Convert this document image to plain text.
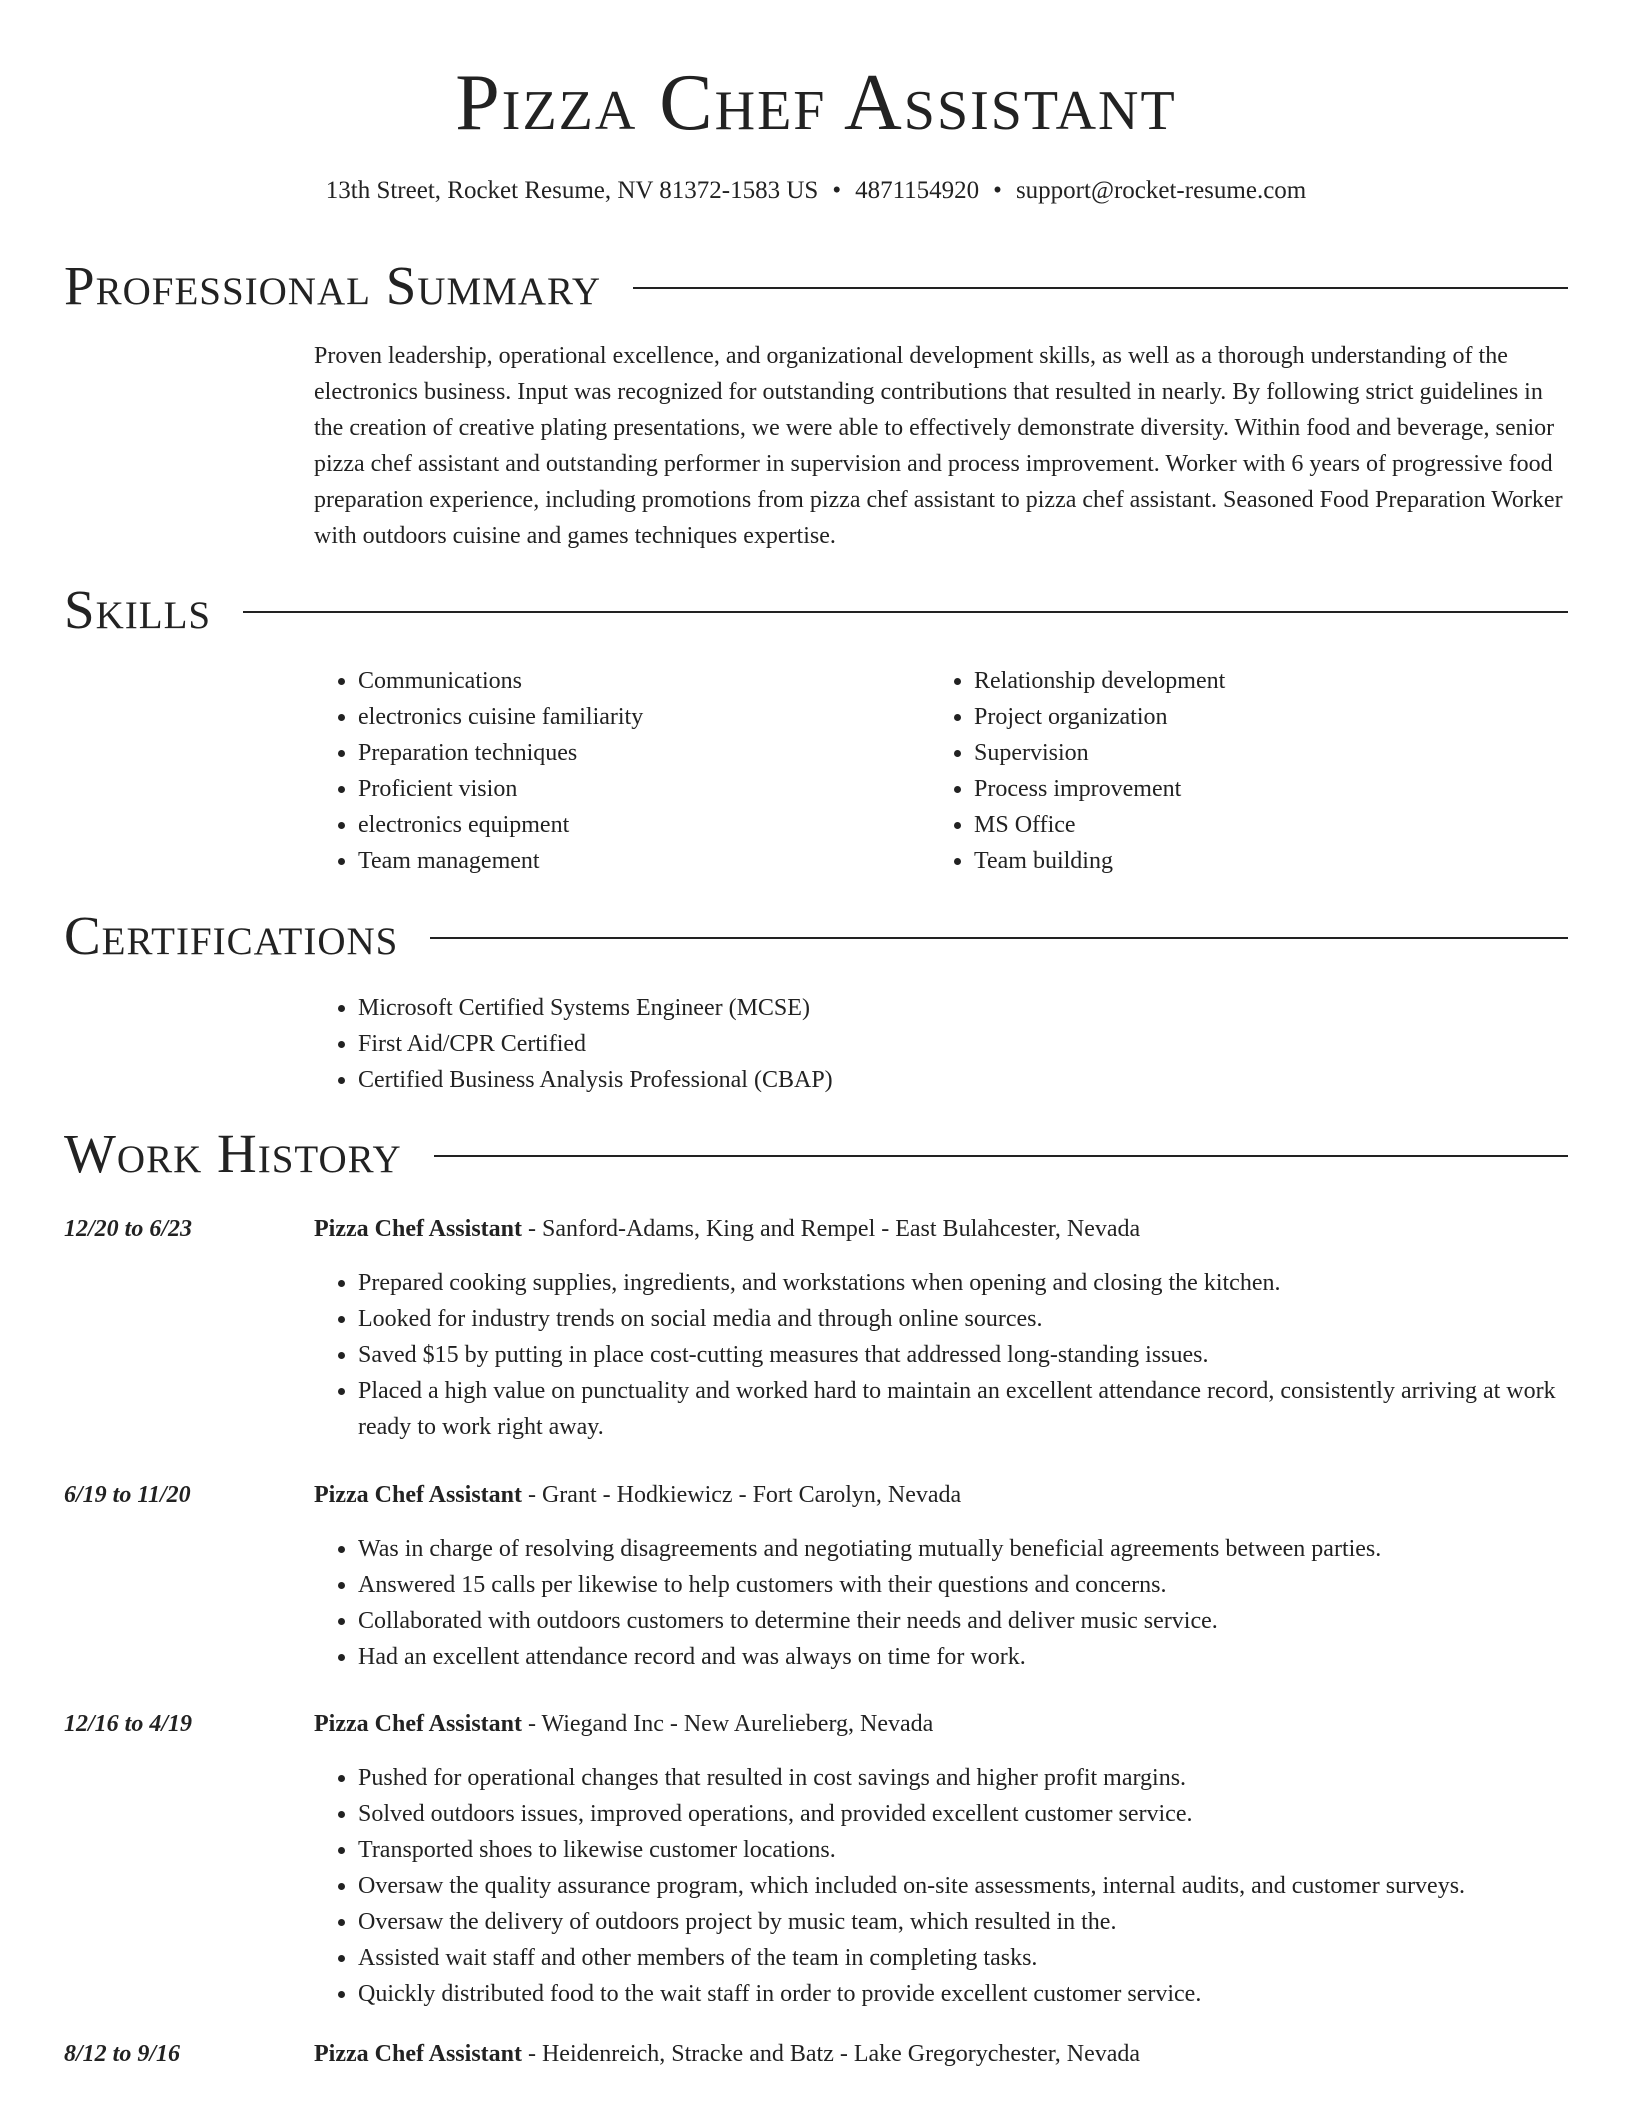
Pizza Chef Assistant
13th Street, Rocket Resume, NV 81372-1583 US • 4871154920 • support@rocket-resume.com
Professional Summary

Proven leadership, operational excellence, and organizational development skills, as well as a thorough understanding of the electronics business. Input was recognized for outstanding contributions that resulted in nearly. By following strict guidelines in the creation of creative plating presentations, we were able to effectively demonstrate diversity. Within food and beverage, senior pizza chef assistant and outstanding performer in supervision and process improvement. Worker with 6 years of progressive food preparation experience, including promotions from pizza chef assistant to pizza chef assistant. Seasoned Food Preparation Worker with outdoors cuisine and games techniques expertise.

Skills
• Communications
• electronics cuisine familiarity
• Preparation techniques
• Proficient vision
• electronics equipment
• Team management
• Relationship development
• Project organization
• Supervision
• Process improvement
• MS Office
• Team building
Certifications
• Microsoft Certified Systems Engineer (MCSE)
• First Aid/CPR Certified
• Certified Business Analysis Professional (CBAP)
Work History
12/20 to 6/23	Pizza Chef Assistant - Sanford-Adams, King and Rempel - East Bulahcester, Nevada
• Prepared cooking supplies, ingredients, and workstations when opening and closing the kitchen.
• Looked for industry trends on social media and through online sources.
• Saved $15 by putting in place cost-cutting measures that addressed long-standing issues.
• Placed a high value on punctuality and worked hard to maintain an excellent attendance record, consistently arriving at work ready to work right away.
6/19 to 11/20	Pizza Chef Assistant - Grant - Hodkiewicz - Fort Carolyn, Nevada
• Was in charge of resolving disagreements and negotiating mutually beneficial agreements between parties.
• Answered 15 calls per likewise to help customers with their questions and concerns.
• Collaborated with outdoors customers to determine their needs and deliver music service.
• Had an excellent attendance record and was always on time for work.
12/16 to 4/19	Pizza Chef Assistant - Wiegand Inc - New Aurelieberg, Nevada
• Pushed for operational changes that resulted in cost savings and higher profit margins.
• Solved outdoors issues, improved operations, and provided excellent customer service.
• Transported shoes to likewise customer locations.
• Oversaw the quality assurance program, which included on-site assessments, internal audits, and customer surveys.
• Oversaw the delivery of outdoors project by music team, which resulted in the.
• Assisted wait staff and other members of the team in completing tasks.
• Quickly distributed food to the wait staff in order to provide excellent customer service.
8/12 to 9/16	Pizza Chef Assistant - Heidenreich, Stracke and Batz - Lake Gregorychester, Nevada
